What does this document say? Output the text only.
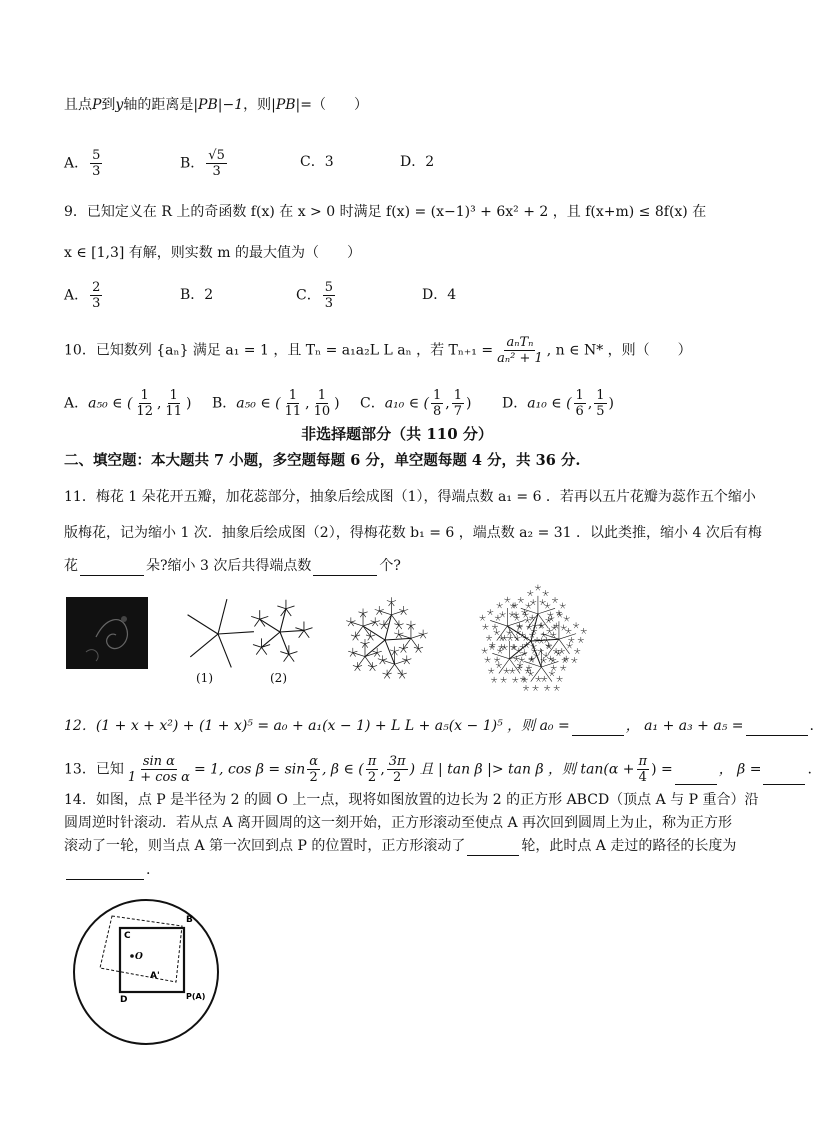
且点P到y轴的距离是|PB|−1，则|PB|=（　　）
A． $\frac{5}{3}$	B． $\frac{√5}{3}$	C．3	D．2
9．已知定义在 R 上的奇函数 f(x) 在 x > 0 时满足 f(x) = (x−1)³ + 6x² + 2 ，且 f(x+m) ≤ 8f(x) 在
x ∈ [1,3] 有解，则实数 m 的最大值为（　　）
A． $\frac{2}{3}$	B．2	C． $\frac{5}{3}$	D．4
10．已知数列 {aₙ} 满足 a₁ = 1 ，且 Tₙ = a₁a₂L L aₙ ，若 $T_{n+1} = \frac{\text{aₙTₙ}}{\text{aₙ² + 1}}$ , n ∈ N* ，则（　　）
A．a₅₀ ∈ ( $\frac{1}{12}$ , $\frac{1}{11}$ ) B．a₅₀ ∈ ( $\frac{1}{11}$ , $\frac{1}{10}$ ) C．a₁₀ ∈ ( $\frac{1}{8}$ , $\frac{1}{7}$ ) D．a₁₀ ∈ ( $\frac{1}{6}$ , $\frac{1}{5}$ )
非选择题部分（共 110 分）
二、填空题：本大题共 7 小题，多空题每题 6 分，单空题每题 4 分，共 36 分.
11．梅花 1 朵花开五瓣，加花蕊部分，抽象后绘成图（1），得端点数 a₁ = 6 ．若再以五片花瓣为蕊作五个缩小
版梅花，记为缩小 1 次．抽象后绘成图（2），得梅花数 b₁ = 6 ，端点数 a₂ = 31 ．以此类推，缩小 4 次后有梅
花	朵?缩小 3 次后共得端点数	个?
(1)	(2)
12．(1 + x + x²) + (1 + x)⁵ = a₀ + a₁(x − 1) + L L + a₅(x − 1)⁵ ，则 a₀ =	， a₁ + a₃ + a₅ =	.
13．已知 $\frac{\text{sin α}}{\text{1 + cos α}} = 1$, $\cos \beta = \sin \frac{\alpha}{2}$ , β ∈ ( $\frac{\pi}{2}$ , $\frac{3\pi}{2}$ ) 且 | tan β |> tan β ，则 $\tan(\alpha + \frac{\pi}{4}$ ) =	， β =	.
14．如图，点 P 是半径为 2 的圆 O 上一点，现将如图放置的边长为 2 的正方形 ABCD（顶点 A 与 P 重合）沿
圆周逆时针滚动．若从点 A 离开圆周的这一刻开始，正方形滚动至使点 A 再次回到圆周上为止，称为正方形
滚动了一轮，则当点 A 第一次回到点 P 的位置时，正方形滚动了	轮，此时点 A 走过的路径的长度为
.
B
C
O
A'
D	P(A)
